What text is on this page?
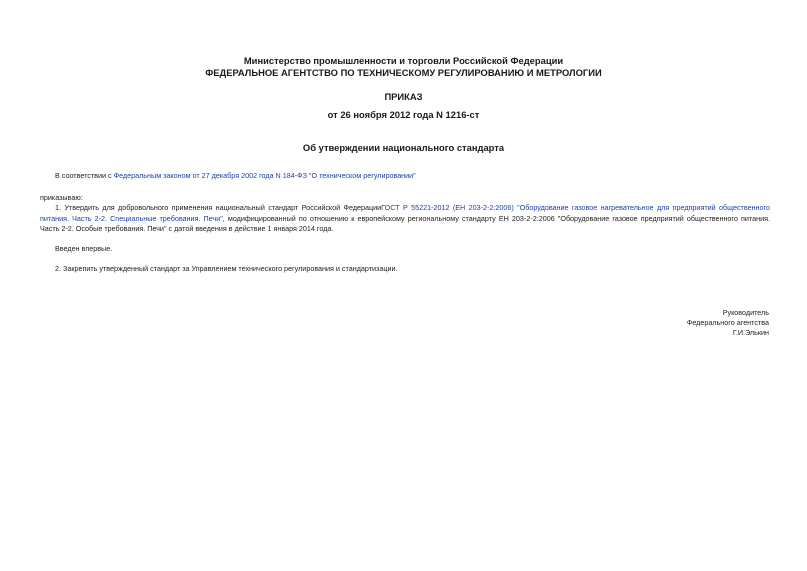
Министерство промышленности и торговли Российской Федерации
ФЕДЕРАЛЬНОЕ АГЕНТСТВО ПО ТЕХНИЧЕСКОМУ РЕГУЛИРОВАНИЮ И МЕТРОЛОГИИ
ПРИКАЗ
от 26 ноября 2012 года N 1216-ст
Об утверждении национального стандарта
В соответствии с Федеральным законом от 27 декабря 2002 года N 184-ФЗ "О техническом регулировании"
приказываю:
1. Утвердить для добровольного применения национальный стандарт Российской ФедерацииГОСТ Р 55221-2012 (ЕН 203-2-2:2006) "Оборудование газовое нагревательное для предприятий общественного питания. Часть 2-2. Специальные требования. Печи", модифицированный по отношению к европейскому региональному стандарту ЕН 203-2-2:2006 "Оборудование газовое предприятий общественного питания. Часть 2-2. Особые требования. Печи" с датой введения в действие 1 января 2014 года.
Введен впервые.
2. Закрепить утвержденный стандарт за Управлением технического регулирования и стандартизации.
Руководитель
Федерального агентства
Г.И.Элькин
